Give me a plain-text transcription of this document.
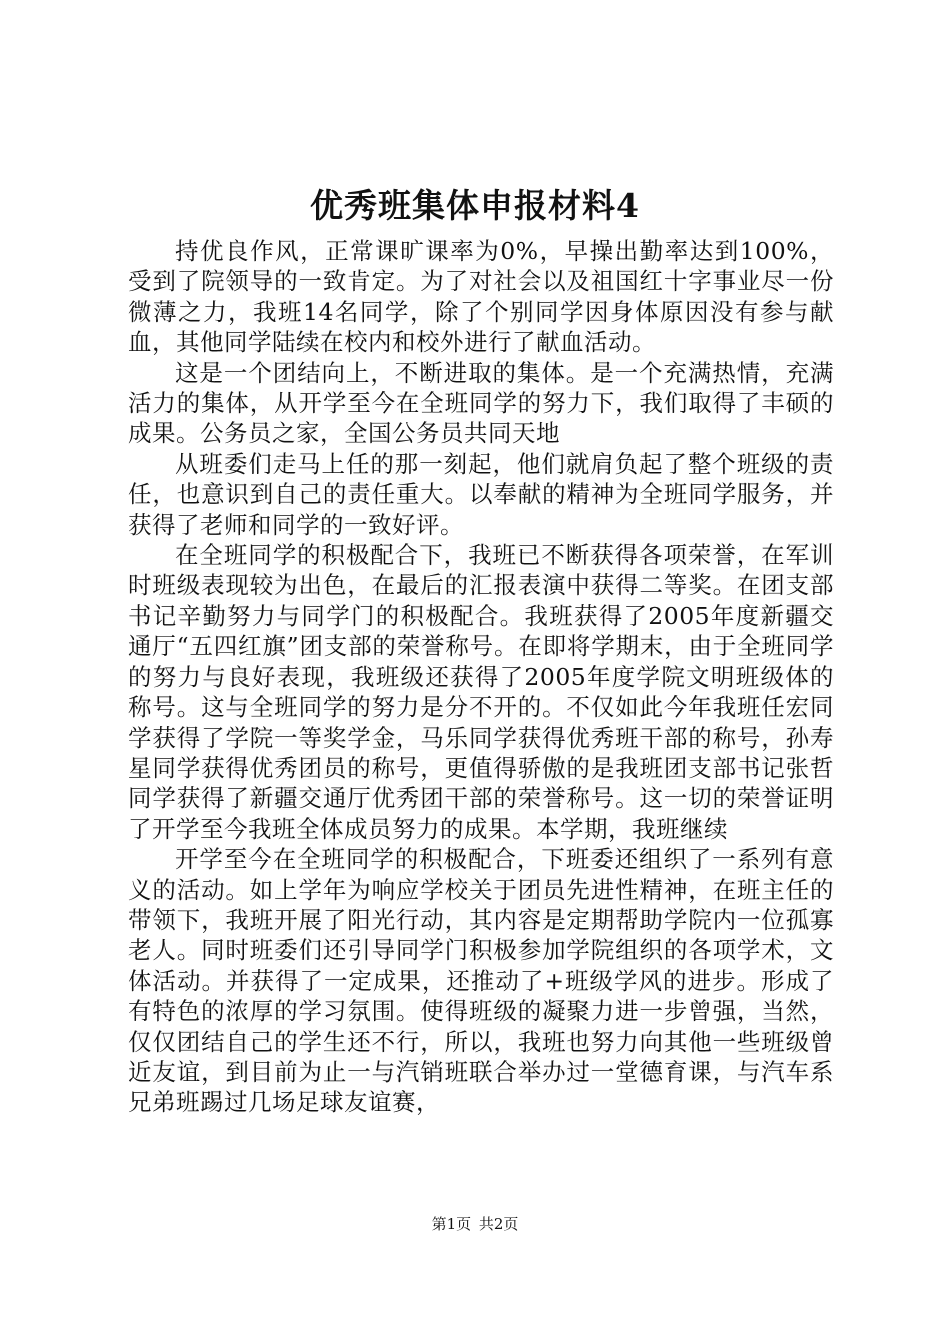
优秀班集体申报材料4

持优良作风，正常课旷课率为0%，早操出勤率达到100%，受到了院领导的一致肯定。为了对社会以及祖国红十字事业尽一份微薄之力，我班14名同学，除了个别同学因身体原因没有参与献血，其他同学陆续在校内和校外进行了献血活动。

这是一个团结向上，不断进取的集体。是一个充满热情，充满活力的集体，从开学至今在全班同学的努力下，我们取得了丰硕的成果。公务员之家，全国公务员共同天地

从班委们走马上任的那一刻起，他们就肩负起了整个班级的责任，也意识到自己的责任重大。以奉献的精神为全班同学服务，并获得了老师和同学的一致好评。

在全班同学的积极配合下，我班已不断获得各项荣誉，在军训时班级表现较为出色，在最后的汇报表演中获得二等奖。在团支部书记辛勤努力与同学门的积极配合。我班获得了2005年度新疆交通厅“五四红旗”团支部的荣誉称号。在即将学期末，由于全班同学的努力与良好表现，我班级还获得了2005年度学院文明班级体的称号。这与全班同学的努力是分不开的。不仅如此今年我班任宏同学获得了学院一等奖学金，马乐同学获得优秀班干部的称号，孙寿星同学获得优秀团员的称号，更值得骄傲的是我班团支部书记张哲同学获得了新疆交通厅优秀团干部的荣誉称号。这一切的荣誉证明了开学至今我班全体成员努力的成果。本学期，我班继续

开学至今在全班同学的积极配合，下班委还组织了一系列有意义的活动。如上学年为响应学校关于团员先进性精神，在班主任的带领下，我班开展了阳光行动，其内容是定期帮助学院内一位孤寡老人。同时班委们还引导同学门积极参加学院组织的各项学术，文体活动。并获得了一定成果，还推动了+班级学风的进步。形成了有特色的浓厚的学习氛围。使得班级的凝聚力进一步曾强，当然，仅仅团结自己的学生还不行，所以，我班也努力向其他一些班级曾近友谊，到目前为止一与汽销班联合举办过一堂德育课，与汽车系兄弟班踢过几场足球友谊赛，

第1页 共2页
